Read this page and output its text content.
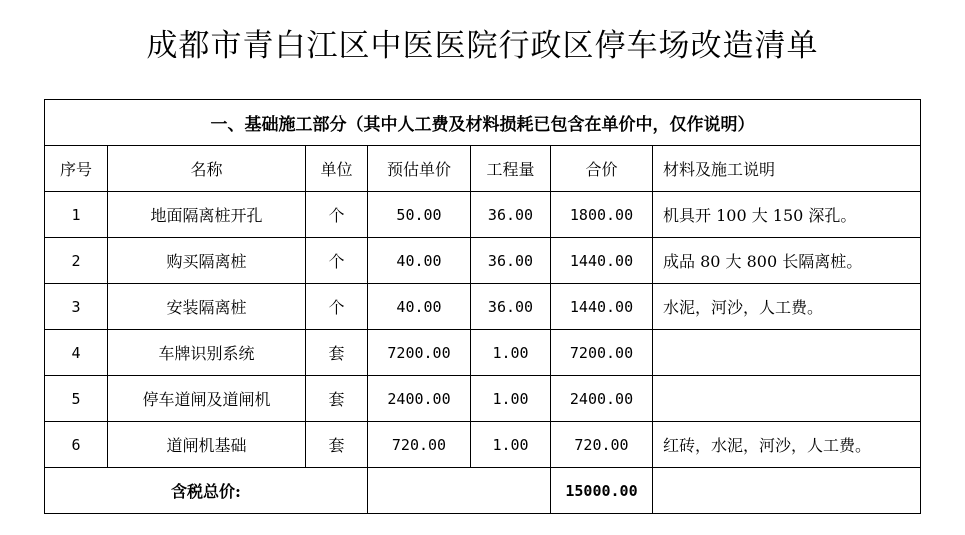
成都市青白江区中医医院行政区停车场改造清单
一、基础施工部分（其中人工费及材料损耗已包含在单价中，仅作说明）						
序号	名称	单位	预估单价	工程量	合价	材料及施工说明
1	地面隔离桩开孔	个	50.00	36.00	1800.00	机具开 100 大 150 深孔。
2	购买隔离桩	个	40.00	36.00	1440.00	成品 80 大 800 长隔离桩。
3	安装隔离桩	个	40.00	36.00	1440.00	水泥，河沙，人工费。
4	车牌识别系统	套	7200.00	1.00	7200.00	
5	停车道闸及道闸机	套	2400.00	1.00	2400.00	
6	道闸机基础	套	720.00	1.00	720.00	红砖，水泥，河沙，人工费。
含税总价:					15000.00	
